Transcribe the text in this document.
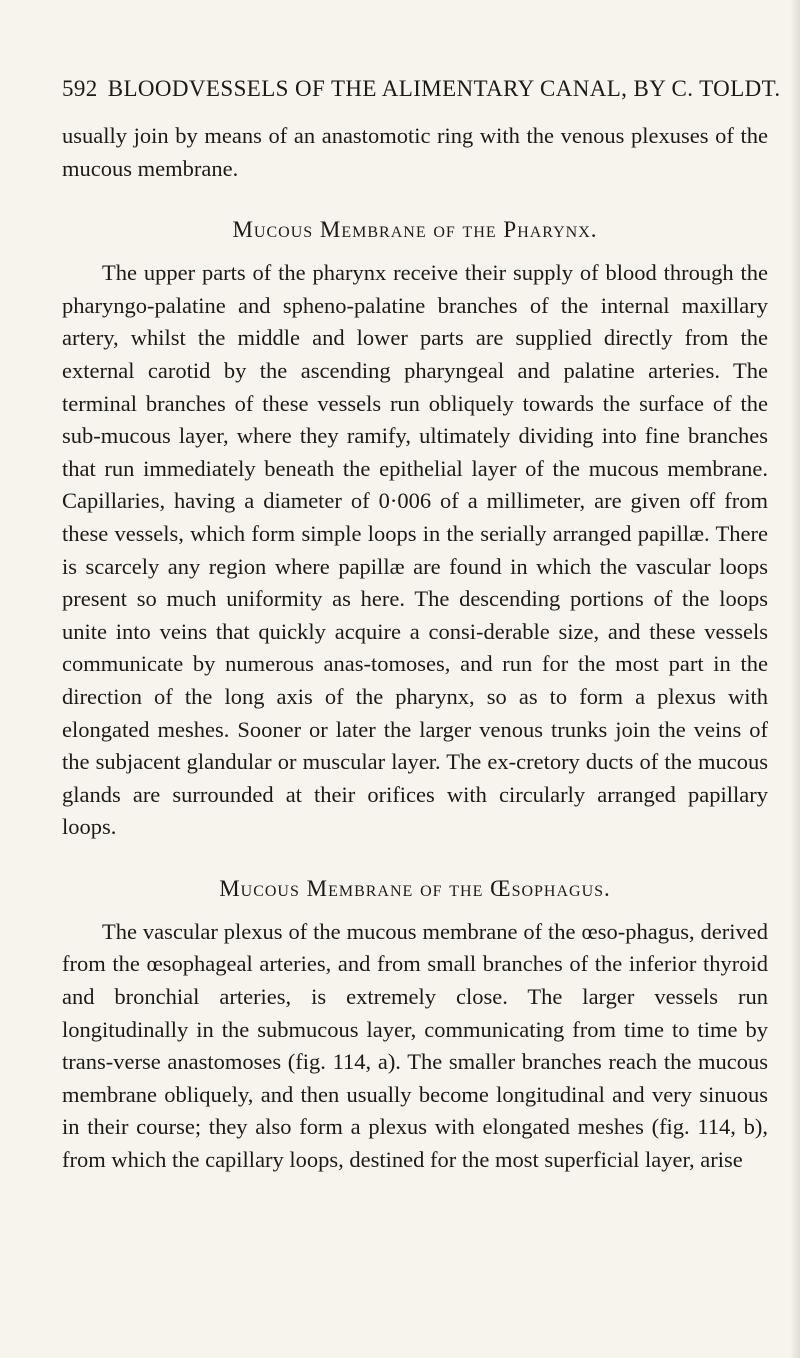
592 BLOODVESSELS OF THE ALIMENTARY CANAL, BY C. TOLDT.

usually join by means of an anastomotic ring with the venous plexuses of the mucous membrane.

Mucous Membrane of the Pharynx.

The upper parts of the pharynx receive their supply of blood through the pharyngo-palatine and spheno-palatine branches of the internal maxillary artery, whilst the middle and lower parts are supplied directly from the external carotid by the ascending pharyngeal and palatine arteries. The terminal branches of these vessels run obliquely towards the surface of the sub-mucous layer, where they ramify, ultimately dividing into fine branches that run immediately beneath the epithelial layer of the mucous membrane. Capillaries, having a diameter of 0·006 of a millimeter, are given off from these vessels, which form simple loops in the serially arranged papillæ. There is scarcely any region where papillæ are found in which the vascular loops present so much uniformity as here. The descending portions of the loops unite into veins that quickly acquire a consi-derable size, and these vessels communicate by numerous anas-tomoses, and run for the most part in the direction of the long axis of the pharynx, so as to form a plexus with elongated meshes. Sooner or later the larger venous trunks join the veins of the subjacent glandular or muscular layer. The ex-cretory ducts of the mucous glands are surrounded at their orifices with circularly arranged papillary loops.

Mucous Membrane of the Œsophagus.

The vascular plexus of the mucous membrane of the œso-phagus, derived from the œsophageal arteries, and from small branches of the inferior thyroid and bronchial arteries, is extremely close. The larger vessels run longitudinally in the submucous layer, communicating from time to time by trans-verse anastomoses (fig. 114, a). The smaller branches reach the mucous membrane obliquely, and then usually become longitudinal and very sinuous in their course; they also form a plexus with elongated meshes (fig. 114, b), from which the capillary loops, destined for the most superficial layer, arise
